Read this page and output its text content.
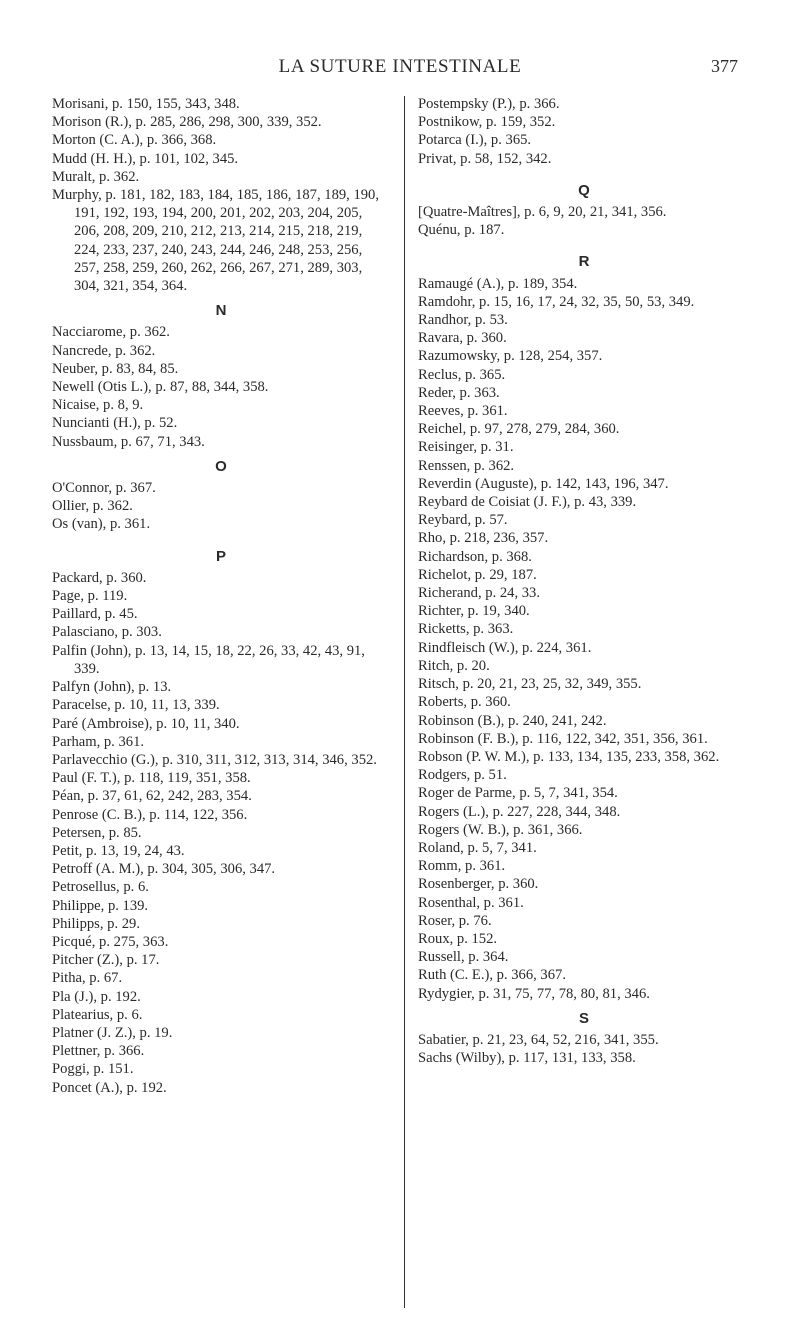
LA SUTURE INTESTINALE	377
Morisani, p. 150, 155, 343, 348.
Morison (R.), p. 285, 286, 298, 300, 339, 352.
Morton (C. A.), p. 366, 368.
Mudd (H. H.), p. 101, 102, 345.
Muralt, p. 362.
Murphy, p. 181, 182, 183, 184, 185, 186, 187, 189, 190, 191, 192, 193, 194, 200, 201, 202, 203, 204, 205, 206, 208, 209, 210, 212, 213, 214, 215, 218, 219, 224, 233, 237, 240, 243, 244, 246, 248, 253, 256, 257, 258, 259, 260, 262, 266, 267, 271, 289, 303, 304, 321, 354, 364.
N
Nacciarome, p. 362.
Nancrede, p. 362.
Neuber, p. 83, 84, 85.
Newell (Otis L.), p. 87, 88, 344, 358.
Nicaise, p. 8, 9.
Nuncianti (H.), p. 52.
Nussbaum, p. 67, 71, 343.
O
O'Connor, p. 367.
Ollier, p. 362.
Os (van), p. 361.
P
Packard, p. 360.
Page, p. 119.
Paillard, p. 45.
Palasciano, p. 303.
Palfin (John), p. 13, 14, 15, 18, 22, 26, 33, 42, 43, 91, 339.
Palfyn (John), p. 13.
Paracelse, p. 10, 11, 13, 339.
Paré (Ambroise), p. 10, 11, 340.
Parham, p. 361.
Parlavecchio (G.), p. 310, 311, 312, 313, 314, 346, 352.
Paul (F. T.), p. 118, 119, 351, 358.
Péan, p. 37, 61, 62, 242, 283, 354.
Penrose (C. B.), p. 114, 122, 356.
Petersen, p. 85.
Petit, p. 13, 19, 24, 43.
Petroff (A. M.), p. 304, 305, 306, 347.
Petrosellus, p. 6.
Philippe, p. 139.
Philipps, p. 29.
Picqué, p. 275, 363.
Pitcher (Z.), p. 17.
Pitha, p. 67.
Pla (J.), p. 192.
Platearius, p. 6.
Platner (J. Z.), p. 19.
Plettner, p. 366.
Poggi, p. 151.
Poncet (A.), p. 192.
Postempsky (P.), p. 366.
Postnikow, p. 159, 352.
Potarca (I.), p. 365.
Privat, p. 58, 152, 342.
Q
[Quatre-Maîtres], p. 6, 9, 20, 21, 341, 356.
Quénu, p. 187.
R
Ramaugé (A.), p. 189, 354.
Ramdohr, p. 15, 16, 17, 24, 32, 35, 50, 53, 349.
Randhor, p. 53.
Ravara, p. 360.
Razumowsky, p. 128, 254, 357.
Reclus, p. 365.
Reder, p. 363.
Reeves, p. 361.
Reichel, p. 97, 278, 279, 284, 360.
Reisinger, p. 31.
Renssen, p. 362.
Reverdin (Auguste), p. 142, 143, 196, 347.
Reybard de Coisiat (J. F.), p. 43, 339.
Reybard, p. 57.
Rho, p. 218, 236, 357.
Richardson, p. 368.
Richelot, p. 29, 187.
Richerand, p. 24, 33.
Richter, p. 19, 340.
Ricketts, p. 363.
Rindfleisch (W.), p. 224, 361.
Ritch, p. 20.
Ritsch, p. 20, 21, 23, 25, 32, 349, 355.
Roberts, p. 360.
Robinson (B.), p. 240, 241, 242.
Robinson (F. B.), p. 116, 122, 342, 351, 356, 361.
Robson (P. W. M.), p. 133, 134, 135, 233, 358, 362.
Rodgers, p. 51.
Roger de Parme, p. 5, 7, 341, 354.
Rogers (L.), p. 227, 228, 344, 348.
Rogers (W. B.), p. 361, 366.
Roland, p. 5, 7, 341.
Romm, p. 361.
Rosenberger, p. 360.
Rosenthal, p. 361.
Roser, p. 76.
Roux, p. 152.
Russell, p. 364.
Ruth (C. E.), p. 366, 367.
Rydygier, p. 31, 75, 77, 78, 80, 81, 346.
S
Sabatier, p. 21, 23, 64, 52, 216, 341, 355.
Sachs (Wilby), p. 117, 131, 133, 358.
